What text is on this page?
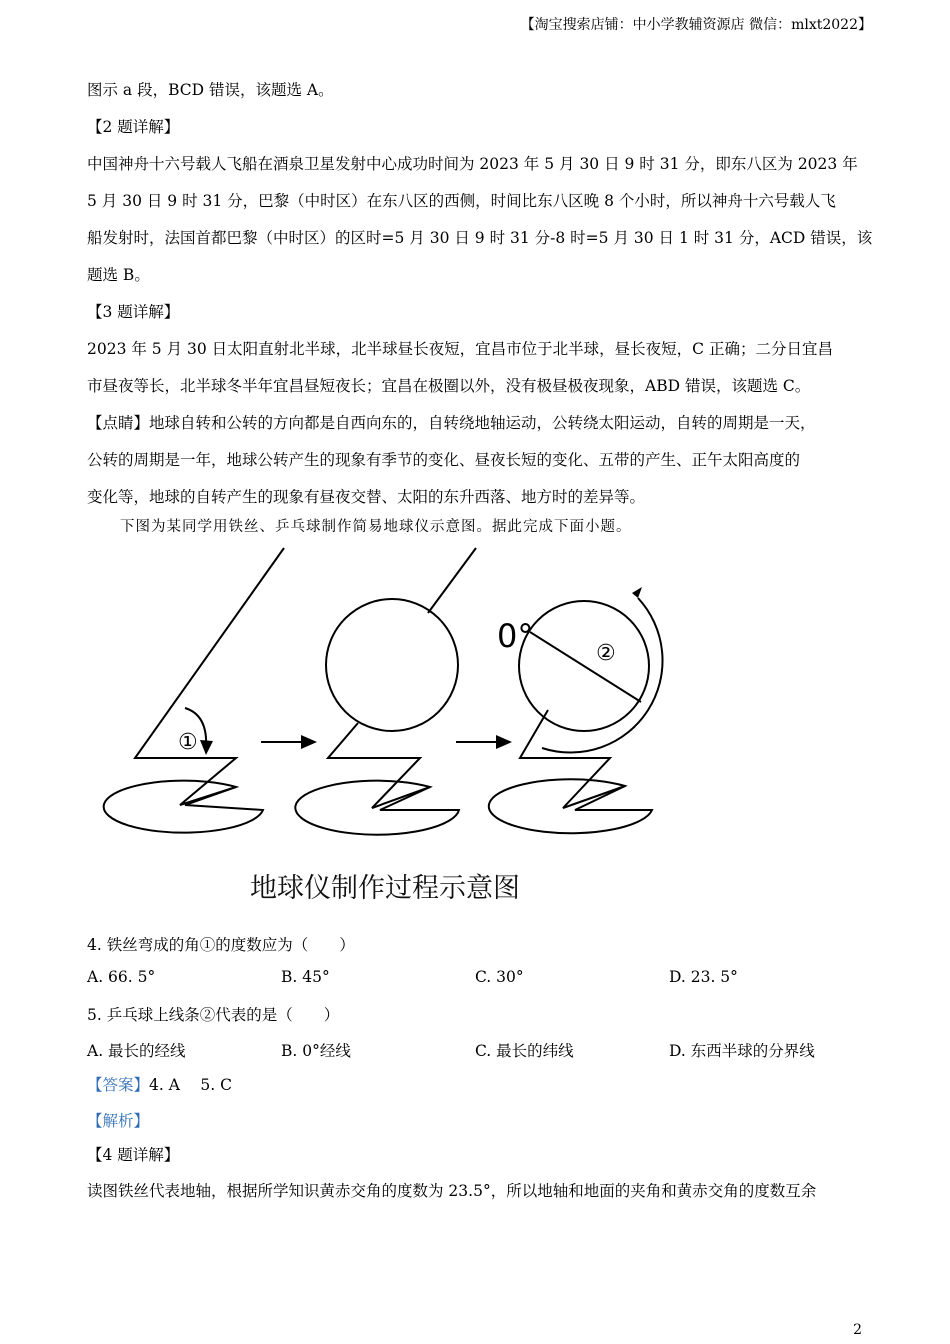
【淘宝搜索店铺：中小学教辅资源店 微信：mlxt2022】
图示 a 段，BCD 错误，该题选 A。
【2 题详解】
中国神舟十六号载人飞船在酒泉卫星发射中心成功时间为 2023 年 5 月 30 日 9 时 31 分，即东八区为 2023 年
5 月 30 日 9 时 31 分，巴黎（中时区）在东八区的西侧，时间比东八区晚 8 个小时，所以神舟十六号载人飞
船发射时，法国首都巴黎（中时区）的区时=5 月 30 日 9 时 31 分-8 时=5 月 30 日 1 时 31 分，ACD 错误，该
题选 B。
【3 题详解】
2023 年 5 月 30 日太阳直射北半球，北半球昼长夜短，宜昌市位于北半球，昼长夜短，C 正确；二分日宜昌
市昼夜等长，北半球冬半年宜昌昼短夜长；宜昌在极圈以外，没有极昼极夜现象，ABD 错误，该题选 C。
【点睛】地球自转和公转的方向都是自西向东的，自转绕地轴运动，公转绕太阳运动，自转的周期是一天，
公转的周期是一年，地球公转产生的现象有季节的变化、昼夜长短的变化、五带的产生、正午太阳高度的
变化等，地球的自转产生的现象有昼夜交替、太阳的东升西落、地方时的差异等。
下图为某同学用铁丝、乒乓球制作简易地球仪示意图。据此完成下面小题。
①
②
0°
地球仪制作过程示意图
4. 铁丝弯成的角①的度数应为（　　）
A. 66. 5°	B. 45°	C. 30°	D. 23. 5°
5. 乒乓球上线条②代表的是（　　）
A. 最长的经线	B. 0°经线	C. 最长的纬线	D. 东西半球的分界线
【答案】4. A　 5. C
【解析】
【4 题详解】
读图铁丝代表地轴，根据所学知识黄赤交角的度数为 23.5°，所以地轴和地面的夹角和黄赤交角的度数互余
2
